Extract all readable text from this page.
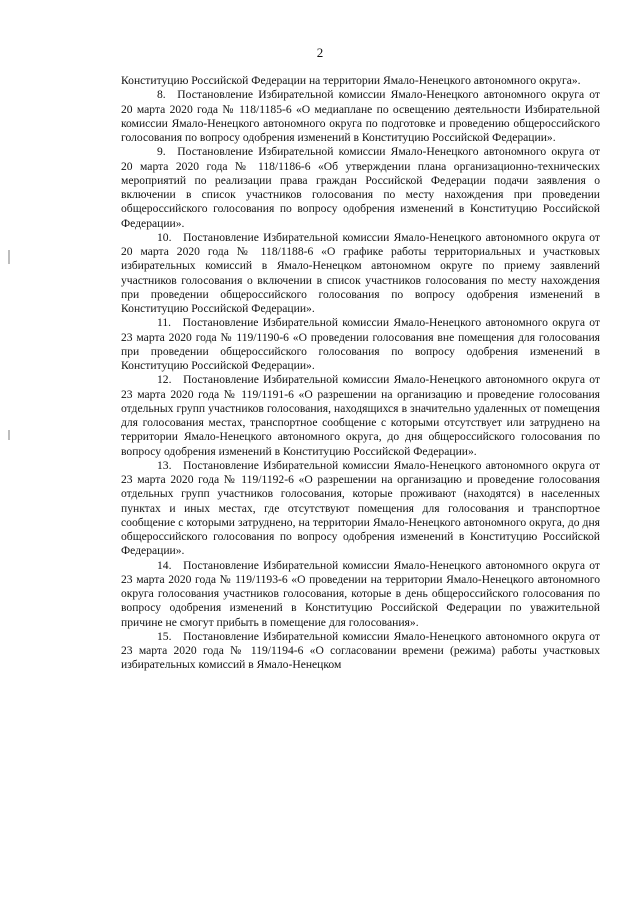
2

Конституцию Российской Федерации на территории Ямало-Ненецкого автономного округа».

8. Постановление Избирательной комиссии Ямало-Ненецкого автономного округа от 20 марта 2020 года № 118/1185-6 «О медиаплане по освещению деятельности Избирательной комиссии Ямало-Ненецкого автономного округа по подготовке и проведению общероссийского голосования по вопросу одобрения изменений в Конституцию Российской Федерации».

9. Постановление Избирательной комиссии Ямало-Ненецкого автономного округа от 20 марта 2020 года № 118/1186-6 «Об утверждении плана организационно-технических мероприятий по реализации права граждан Российской Федерации подачи заявления о включении в список участников голосования по месту нахождения при проведении общероссийского голосования по вопросу одобрения изменений в Конституцию Российской Федерации».

10. Постановление Избирательной комиссии Ямало-Ненецкого автономного округа от 20 марта 2020 года № 118/1188-6 «О графике работы территориальных и участковых избирательных комиссий в Ямало-Ненецком автономном округе по приему заявлений участников голосования о включении в список участников голосования по месту нахождения при проведении общероссийского голосования по вопросу одобрения изменений в Конституцию Российской Федерации».

11. Постановление Избирательной комиссии Ямало-Ненецкого автономного округа от 23 марта 2020 года № 119/1190-6 «О проведении голосования вне помещения для голосования при проведении общероссийского голосования по вопросу одобрения изменений в Конституцию Российской Федерации».

12. Постановление Избирательной комиссии Ямало-Ненецкого автономного округа от 23 марта 2020 года № 119/1191-6 «О разрешении на организацию и проведение голосования отдельных групп участников голосования, находящихся в значительно удаленных от помещения для голосования местах, транспортное сообщение с которыми отсутствует или затруднено на территории Ямало-Ненецкого автономного округа, до дня общероссийского голосования по вопросу одобрения изменений в Конституцию Российской Федерации».

13. Постановление Избирательной комиссии Ямало-Ненецкого автономного округа от 23 марта 2020 года № 119/1192-6 «О разрешении на организацию и проведение голосования отдельных групп участников голосования, которые проживают (находятся) в населенных пунктах и иных местах, где отсутствуют помещения для голосования и транспортное сообщение с которыми затруднено, на территории Ямало-Ненецкого автономного округа, до дня общероссийского голосования по вопросу одобрения изменений в Конституцию Российской Федерации».

14. Постановление Избирательной комиссии Ямало-Ненецкого автономного округа от 23 марта 2020 года № 119/1193-6 «О проведении на территории Ямало-Ненецкого автономного округа голосования участников голосования, которые в день общероссийского голосования по вопросу одобрения изменений в Конституцию Российской Федерации по уважительной причине не смогут прибыть в помещение для голосования».

15. Постановление Избирательной комиссии Ямало-Ненецкого автономного округа от 23 марта 2020 года № 119/1194-6 «О согласовании времени (режима) работы участковых избирательных комиссий в Ямало-Ненецком
